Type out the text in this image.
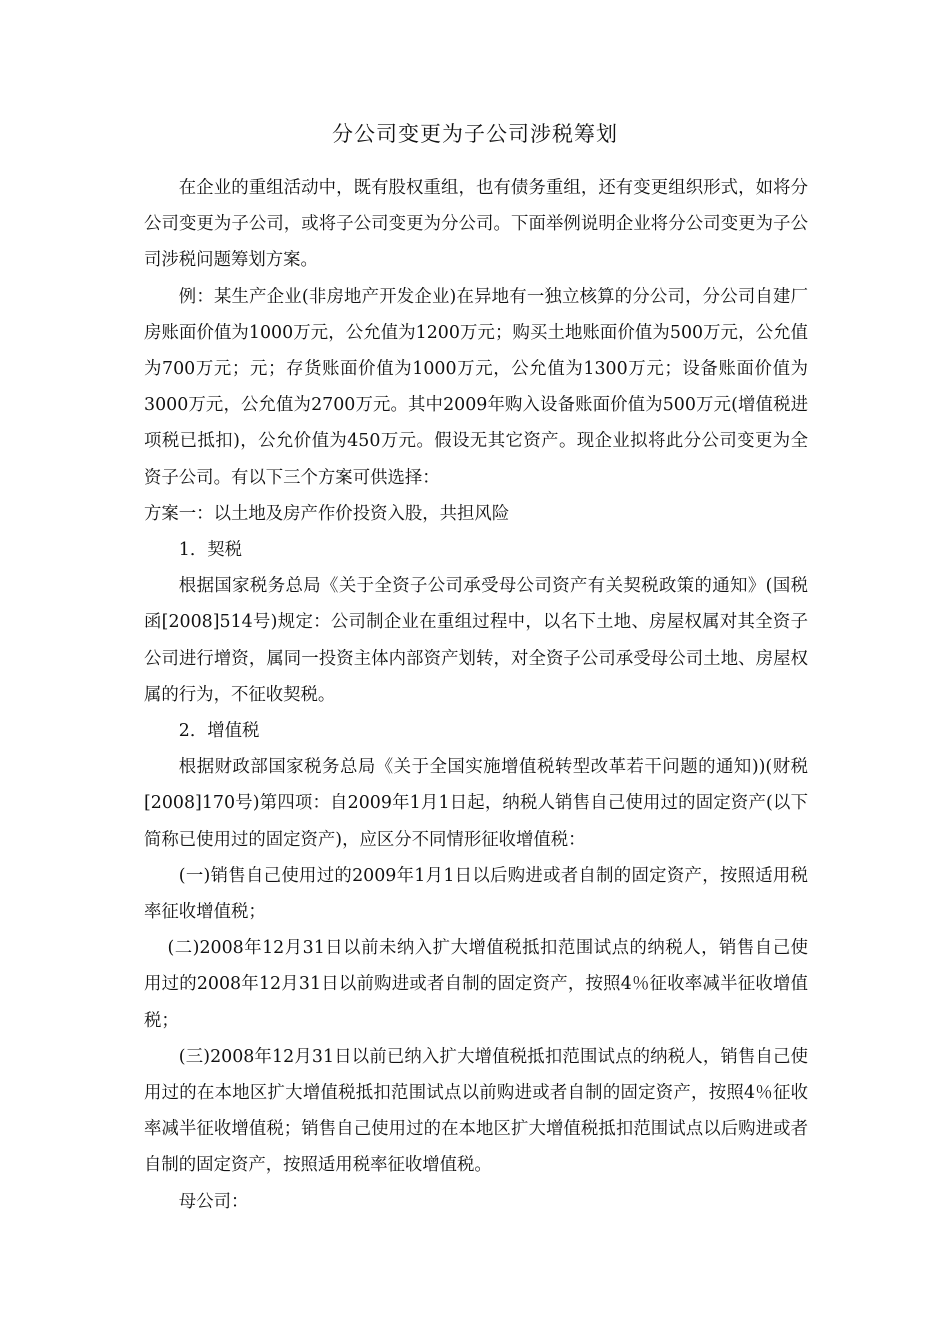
分公司变更为子公司涉税筹划

在企业的重组活动中，既有股权重组，也有债务重组，还有变更组织形式，如将分公司变更为子公司，或将子公司变更为分公司。下面举例说明企业将分公司变更为子公司涉税问题筹划方案。

例：某生产企业(非房地产开发企业)在异地有一独立核算的分公司，分公司自建厂房账面价值为1000万元，公允值为1200万元；购买土地账面价值为500万元，公允值为700万元；元；存货账面价值为1000万元，公允值为1300万元；设备账面价值为3000万元，公允值为2700万元。其中2009年购入设备账面价值为500万元(增值税进项税已抵扣)，公允价值为450万元。假设无其它资产。现企业拟将此分公司变更为全资子公司。有以下三个方案可供选择：

方案一：以土地及房产作价投资入股，共担风险

1．契税

根据国家税务总局《关于全资子公司承受母公司资产有关契税政策的通知》(国税函[2008]514号)规定：公司制企业在重组过程中，以名下土地、房屋权属对其全资子公司进行增资，属同一投资主体内部资产划转，对全资子公司承受母公司土地、房屋权属的行为，不征收契税。

2．增值税

根据财政部国家税务总局《关于全国实施增值税转型改革若干问题的通知))(财税 [2008]170号)第四项：自2009年1月1日起，纳税人销售自己使用过的固定资产(以下简称已使用过的固定资产)，应区分不同情形征收增值税：

(一)销售自己使用过的2009年1月1日以后购进或者自制的固定资产，按照适用税率征收增值税；

(二)2008年12月31日以前未纳入扩大增值税抵扣范围试点的纳税人，销售自己使用过的2008年12月31日以前购进或者自制的固定资产，按照4％征收率减半征收增值税；

(三)2008年12月31日以前已纳入扩大增值税抵扣范围试点的纳税人，销售自己使用过的在本地区扩大增值税抵扣范围试点以前购进或者自制的固定资产，按照4％征收率减半征收增值税；销售自己使用过的在本地区扩大增值税抵扣范围试点以后购进或者自制的固定资产，按照适用税率征收增值税。

母公司：
